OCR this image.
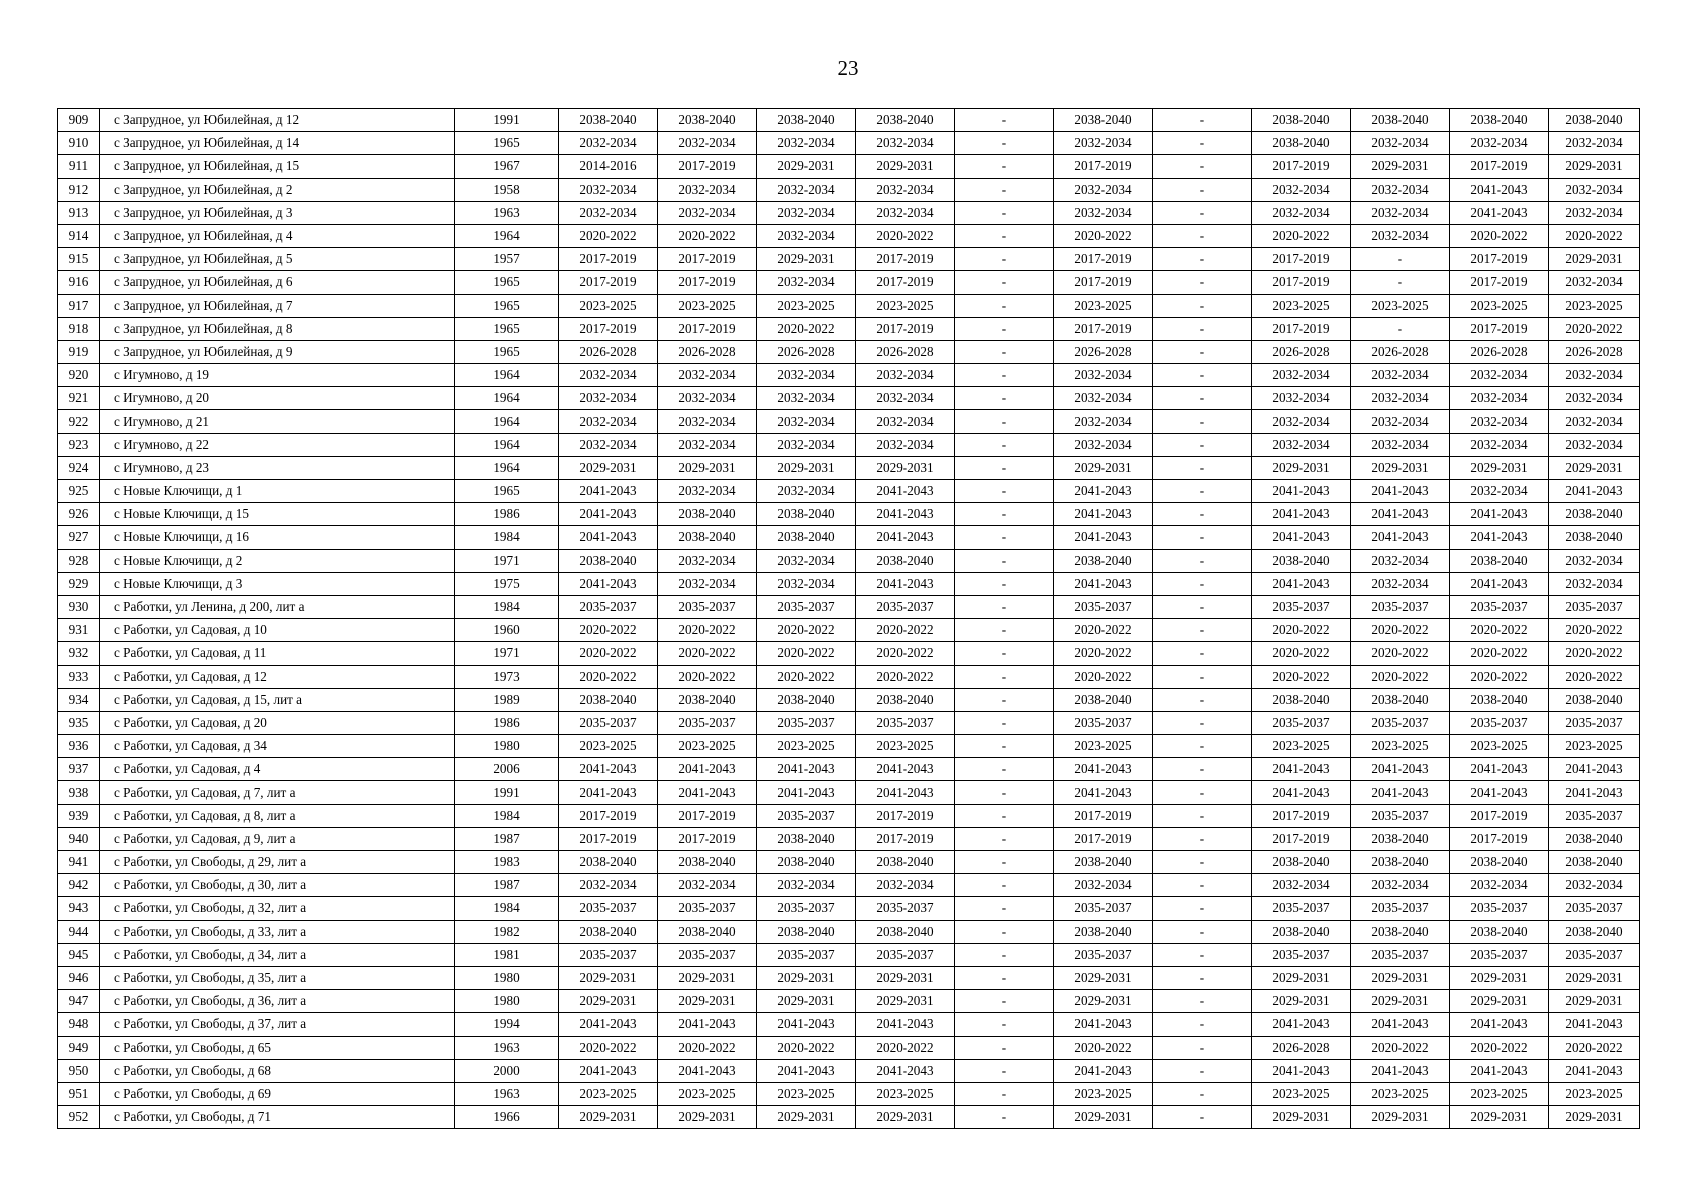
23
909	с Запрудное, ул Юбилейная, д 12	1991	2038-2040	2038-2040	2038-2040	2038-2040	-	2038-2040	-	2038-2040	2038-2040	2038-2040	2038-2040
910	с Запрудное, ул Юбилейная, д 14	1965	2032-2034	2032-2034	2032-2034	2032-2034	-	2032-2034	-	2038-2040	2032-2034	2032-2034	2032-2034
911	с Запрудное, ул Юбилейная, д 15	1967	2014-2016	2017-2019	2029-2031	2029-2031	-	2017-2019	-	2017-2019	2029-2031	2017-2019	2029-2031
912	с Запрудное, ул Юбилейная, д 2	1958	2032-2034	2032-2034	2032-2034	2032-2034	-	2032-2034	-	2032-2034	2032-2034	2041-2043	2032-2034
913	с Запрудное, ул Юбилейная, д 3	1963	2032-2034	2032-2034	2032-2034	2032-2034	-	2032-2034	-	2032-2034	2032-2034	2041-2043	2032-2034
914	с Запрудное, ул Юбилейная, д 4	1964	2020-2022	2020-2022	2032-2034	2020-2022	-	2020-2022	-	2020-2022	2032-2034	2020-2022	2020-2022
915	с Запрудное, ул Юбилейная, д 5	1957	2017-2019	2017-2019	2029-2031	2017-2019	-	2017-2019	-	2017-2019	-	2017-2019	2029-2031
916	с Запрудное, ул Юбилейная, д 6	1965	2017-2019	2017-2019	2032-2034	2017-2019	-	2017-2019	-	2017-2019	-	2017-2019	2032-2034
917	с Запрудное, ул Юбилейная, д 7	1965	2023-2025	2023-2025	2023-2025	2023-2025	-	2023-2025	-	2023-2025	2023-2025	2023-2025	2023-2025
918	с Запрудное, ул Юбилейная, д 8	1965	2017-2019	2017-2019	2020-2022	2017-2019	-	2017-2019	-	2017-2019	-	2017-2019	2020-2022
919	с Запрудное, ул Юбилейная, д 9	1965	2026-2028	2026-2028	2026-2028	2026-2028	-	2026-2028	-	2026-2028	2026-2028	2026-2028	2026-2028
920	с Игумново, д 19	1964	2032-2034	2032-2034	2032-2034	2032-2034	-	2032-2034	-	2032-2034	2032-2034	2032-2034	2032-2034
921	с Игумново, д 20	1964	2032-2034	2032-2034	2032-2034	2032-2034	-	2032-2034	-	2032-2034	2032-2034	2032-2034	2032-2034
922	с Игумново, д 21	1964	2032-2034	2032-2034	2032-2034	2032-2034	-	2032-2034	-	2032-2034	2032-2034	2032-2034	2032-2034
923	с Игумново, д 22	1964	2032-2034	2032-2034	2032-2034	2032-2034	-	2032-2034	-	2032-2034	2032-2034	2032-2034	2032-2034
924	с Игумново, д 23	1964	2029-2031	2029-2031	2029-2031	2029-2031	-	2029-2031	-	2029-2031	2029-2031	2029-2031	2029-2031
925	с Новые Ключищи, д 1	1965	2041-2043	2032-2034	2032-2034	2041-2043	-	2041-2043	-	2041-2043	2041-2043	2032-2034	2041-2043
926	с Новые Ключищи, д 15	1986	2041-2043	2038-2040	2038-2040	2041-2043	-	2041-2043	-	2041-2043	2041-2043	2041-2043	2038-2040
927	с Новые Ключищи, д 16	1984	2041-2043	2038-2040	2038-2040	2041-2043	-	2041-2043	-	2041-2043	2041-2043	2041-2043	2038-2040
928	с Новые Ключищи, д 2	1971	2038-2040	2032-2034	2032-2034	2038-2040	-	2038-2040	-	2038-2040	2032-2034	2038-2040	2032-2034
929	с Новые Ключищи, д 3	1975	2041-2043	2032-2034	2032-2034	2041-2043	-	2041-2043	-	2041-2043	2032-2034	2041-2043	2032-2034
930	с Работки, ул Ленина, д 200, лит а	1984	2035-2037	2035-2037	2035-2037	2035-2037	-	2035-2037	-	2035-2037	2035-2037	2035-2037	2035-2037
931	с Работки, ул Садовая, д 10	1960	2020-2022	2020-2022	2020-2022	2020-2022	-	2020-2022	-	2020-2022	2020-2022	2020-2022	2020-2022
932	с Работки, ул Садовая, д 11	1971	2020-2022	2020-2022	2020-2022	2020-2022	-	2020-2022	-	2020-2022	2020-2022	2020-2022	2020-2022
933	с Работки, ул Садовая, д 12	1973	2020-2022	2020-2022	2020-2022	2020-2022	-	2020-2022	-	2020-2022	2020-2022	2020-2022	2020-2022
934	с Работки, ул Садовая, д 15, лит а	1989	2038-2040	2038-2040	2038-2040	2038-2040	-	2038-2040	-	2038-2040	2038-2040	2038-2040	2038-2040
935	с Работки, ул Садовая, д 20	1986	2035-2037	2035-2037	2035-2037	2035-2037	-	2035-2037	-	2035-2037	2035-2037	2035-2037	2035-2037
936	с Работки, ул Садовая, д 34	1980	2023-2025	2023-2025	2023-2025	2023-2025	-	2023-2025	-	2023-2025	2023-2025	2023-2025	2023-2025
937	с Работки, ул Садовая, д 4	2006	2041-2043	2041-2043	2041-2043	2041-2043	-	2041-2043	-	2041-2043	2041-2043	2041-2043	2041-2043
938	с Работки, ул Садовая, д 7, лит а	1991	2041-2043	2041-2043	2041-2043	2041-2043	-	2041-2043	-	2041-2043	2041-2043	2041-2043	2041-2043
939	с Работки, ул Садовая, д 8, лит а	1984	2017-2019	2017-2019	2035-2037	2017-2019	-	2017-2019	-	2017-2019	2035-2037	2017-2019	2035-2037
940	с Работки, ул Садовая, д 9, лит а	1987	2017-2019	2017-2019	2038-2040	2017-2019	-	2017-2019	-	2017-2019	2038-2040	2017-2019	2038-2040
941	с Работки, ул Свободы, д 29, лит а	1983	2038-2040	2038-2040	2038-2040	2038-2040	-	2038-2040	-	2038-2040	2038-2040	2038-2040	2038-2040
942	с Работки, ул Свободы, д 30, лит а	1987	2032-2034	2032-2034	2032-2034	2032-2034	-	2032-2034	-	2032-2034	2032-2034	2032-2034	2032-2034
943	с Работки, ул Свободы, д 32, лит а	1984	2035-2037	2035-2037	2035-2037	2035-2037	-	2035-2037	-	2035-2037	2035-2037	2035-2037	2035-2037
944	с Работки, ул Свободы, д 33, лит а	1982	2038-2040	2038-2040	2038-2040	2038-2040	-	2038-2040	-	2038-2040	2038-2040	2038-2040	2038-2040
945	с Работки, ул Свободы, д 34, лит а	1981	2035-2037	2035-2037	2035-2037	2035-2037	-	2035-2037	-	2035-2037	2035-2037	2035-2037	2035-2037
946	с Работки, ул Свободы, д 35, лит а	1980	2029-2031	2029-2031	2029-2031	2029-2031	-	2029-2031	-	2029-2031	2029-2031	2029-2031	2029-2031
947	с Работки, ул Свободы, д 36, лит а	1980	2029-2031	2029-2031	2029-2031	2029-2031	-	2029-2031	-	2029-2031	2029-2031	2029-2031	2029-2031
948	с Работки, ул Свободы, д 37, лит а	1994	2041-2043	2041-2043	2041-2043	2041-2043	-	2041-2043	-	2041-2043	2041-2043	2041-2043	2041-2043
949	с Работки, ул Свободы, д 65	1963	2020-2022	2020-2022	2020-2022	2020-2022	-	2020-2022	-	2026-2028	2020-2022	2020-2022	2020-2022
950	с Работки, ул Свободы, д 68	2000	2041-2043	2041-2043	2041-2043	2041-2043	-	2041-2043	-	2041-2043	2041-2043	2041-2043	2041-2043
951	с Работки, ул Свободы, д 69	1963	2023-2025	2023-2025	2023-2025	2023-2025	-	2023-2025	-	2023-2025	2023-2025	2023-2025	2023-2025
952	с Работки, ул Свободы, д 71	1966	2029-2031	2029-2031	2029-2031	2029-2031	-	2029-2031	-	2029-2031	2029-2031	2029-2031	2029-2031
